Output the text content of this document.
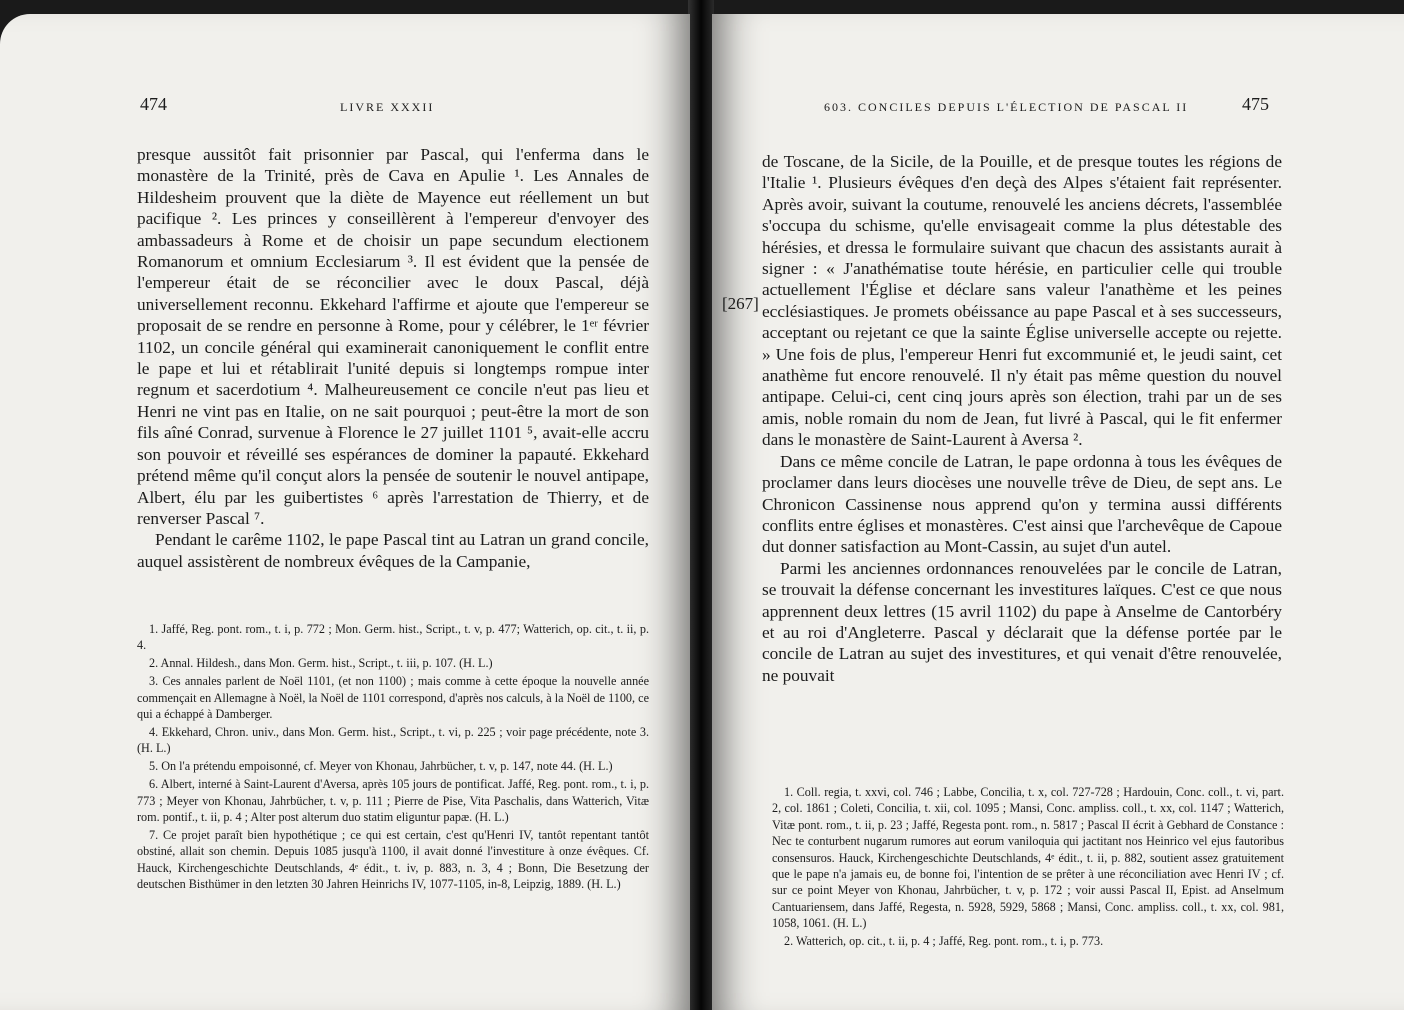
474	LIVRE XXXII

presque aussitôt fait prisonnier par Pascal, qui l'enferma dans le monastère de la Trinité, près de Cava en Apulie ¹. Les Annales de Hildesheim prouvent que la diète de Mayence eut réellement un but pacifique ². Les princes y conseillèrent à l'empereur d'envoyer des ambassadeurs à Rome et de choisir un pape secundum electionem Romanorum et omnium Ecclesiarum ³. Il est évident que la pensée de l'empereur était de se réconcilier avec le doux Pascal, déjà universellement reconnu. Ekkehard l'affirme et ajoute que l'empereur se proposait de se rendre en personne à Rome, pour y célébrer, le 1ᵉʳ février 1102, un concile général qui examinerait canoniquement le conflit entre le pape et lui et rétablirait l'unité depuis si longtemps rompue inter regnum et sacerdotium ⁴. Malheureusement ce concile n'eut pas lieu et Henri ne vint pas en Italie, on ne sait pourquoi ; peut-être la mort de son fils aîné Conrad, survenue à Florence le 27 juillet 1101 ⁵, avait-elle accru son pouvoir et réveillé ses espérances de dominer la papauté. Ekkehard prétend même qu'il conçut alors la pensée de soutenir le nouvel antipape, Albert, élu par les guibertistes ⁶ après l'arrestation de Thierry, et de renverser Pascal ⁷.

Pendant le carême 1102, le pape Pascal tint au Latran un grand concile, auquel assistèrent de nombreux évêques de la Campanie,

1. Jaffé, Reg. pont. rom., t. i, p. 772 ; Mon. Germ. hist., Script., t. v, p. 477; Watterich, op. cit., t. ii, p. 4.

2. Annal. Hildesh., dans Mon. Germ. hist., Script., t. iii, p. 107. (H. L.)

3. Ces annales parlent de Noël 1101, (et non 1100) ; mais comme à cette époque la nouvelle année commençait en Allemagne à Noël, la Noël de 1101 correspond, d'après nos calculs, à la Noël de 1100, ce qui a échappé à Damberger.

4. Ekkehard, Chron. univ., dans Mon. Germ. hist., Script., t. vi, p. 225 ; voir page précédente, note 3. (H. L.)

5. On l'a prétendu empoisonné, cf. Meyer von Khonau, Jahrbücher, t. v, p. 147, note 44. (H. L.)

6. Albert, interné à Saint-Laurent d'Aversa, après 105 jours de pontificat. Jaffé, Reg. pont. rom., t. i, p. 773 ; Meyer von Khonau, Jahrbücher, t. v, p. 111 ; Pierre de Pise, Vita Paschalis, dans Watterich, Vitæ rom. pontif., t. ii, p. 4 ; Alter post alterum duo statim eliguntur papæ. (H. L.)

7. Ce projet paraît bien hypothétique ; ce qui est certain, c'est qu'Henri IV, tantôt repentant tantôt obstiné, allait son chemin. Depuis 1085 jusqu'à 1100, il avait donné l'investiture à onze évêques. Cf. Hauck, Kirchengeschichte Deutschlands, 4ᵉ édit., t. iv, p. 883, n. 3, 4 ; Bonn, Die Besetzung der deutschen Bisthümer in den letzten 30 Jahren Heinrichs IV, 1077-1105, in-8, Leipzig, 1889. (H. L.)

[267]
603. CONCILES DEPUIS L'ÉLECTION DE PASCAL II	475

de Toscane, de la Sicile, de la Pouille, et de presque toutes les régions de l'Italie ¹. Plusieurs évêques d'en deçà des Alpes s'étaient fait représenter. Après avoir, suivant la coutume, renouvelé les anciens décrets, l'assemblée s'occupa du schisme, qu'elle envisageait comme la plus détestable des hérésies, et dressa le formulaire suivant que chacun des assistants aurait à signer : « J'anathématise toute hérésie, en particulier celle qui trouble actuellement l'Église et déclare sans valeur l'anathème et les peines ecclésiastiques. Je promets obéissance au pape Pascal et à ses successeurs, acceptant ou rejetant ce que la sainte Église universelle accepte ou rejette. » Une fois de plus, l'empereur Henri fut excommunié et, le jeudi saint, cet anathème fut encore renouvelé. Il n'y était pas même question du nouvel antipape. Celui-ci, cent cinq jours après son élection, trahi par un de ses amis, noble romain du nom de Jean, fut livré à Pascal, qui le fit enfermer dans le monastère de Saint-Laurent à Aversa ².

Dans ce même concile de Latran, le pape ordonna à tous les évêques de proclamer dans leurs diocèses une nouvelle trêve de Dieu, de sept ans. Le Chronicon Cassinense nous apprend qu'on y termina aussi différents conflits entre églises et monastères. C'est ainsi que l'archevêque de Capoue dut donner satisfaction au Mont-Cassin, au sujet d'un autel.

Parmi les anciennes ordonnances renouvelées par le concile de Latran, se trouvait la défense concernant les investitures laïques. C'est ce que nous apprennent deux lettres (15 avril 1102) du pape à Anselme de Cantorbéry et au roi d'Angleterre. Pascal y déclarait que la défense portée par le concile de Latran au sujet des investitures, et qui venait d'être renouvelée, ne pouvait

1. Coll. regia, t. xxvi, col. 746 ; Labbe, Concilia, t. x, col. 727-728 ; Hardouin, Conc. coll., t. vi, part. 2, col. 1861 ; Coleti, Concilia, t. xii, col. 1095 ; Mansi, Conc. ampliss. coll., t. xx, col. 1147 ; Watterich, Vitæ pont. rom., t. ii, p. 23 ; Jaffé, Regesta pont. rom., n. 5817 ; Pascal II écrit à Gebhard de Constance : Nec te conturbent nugarum rumores aut eorum vaniloquia qui jactitant nos Heinrico vel ejus fautoribus consensuros. Hauck, Kirchengeschichte Deutschlands, 4ᵉ édit., t. ii, p. 882, soutient assez gratuitement que le pape n'a jamais eu, de bonne foi, l'intention de se prêter à une réconciliation avec Henri IV ; cf. sur ce point Meyer von Khonau, Jahrbücher, t. v, p. 172 ; voir aussi Pascal II, Epist. ad Anselmum Cantuariensem, dans Jaffé, Regesta, n. 5928, 5929, 5868 ; Mansi, Conc. ampliss. coll., t. xx, col. 981, 1058, 1061. (H. L.)

2. Watterich, op. cit., t. ii, p. 4 ; Jaffé, Reg. pont. rom., t. i, p. 773.
